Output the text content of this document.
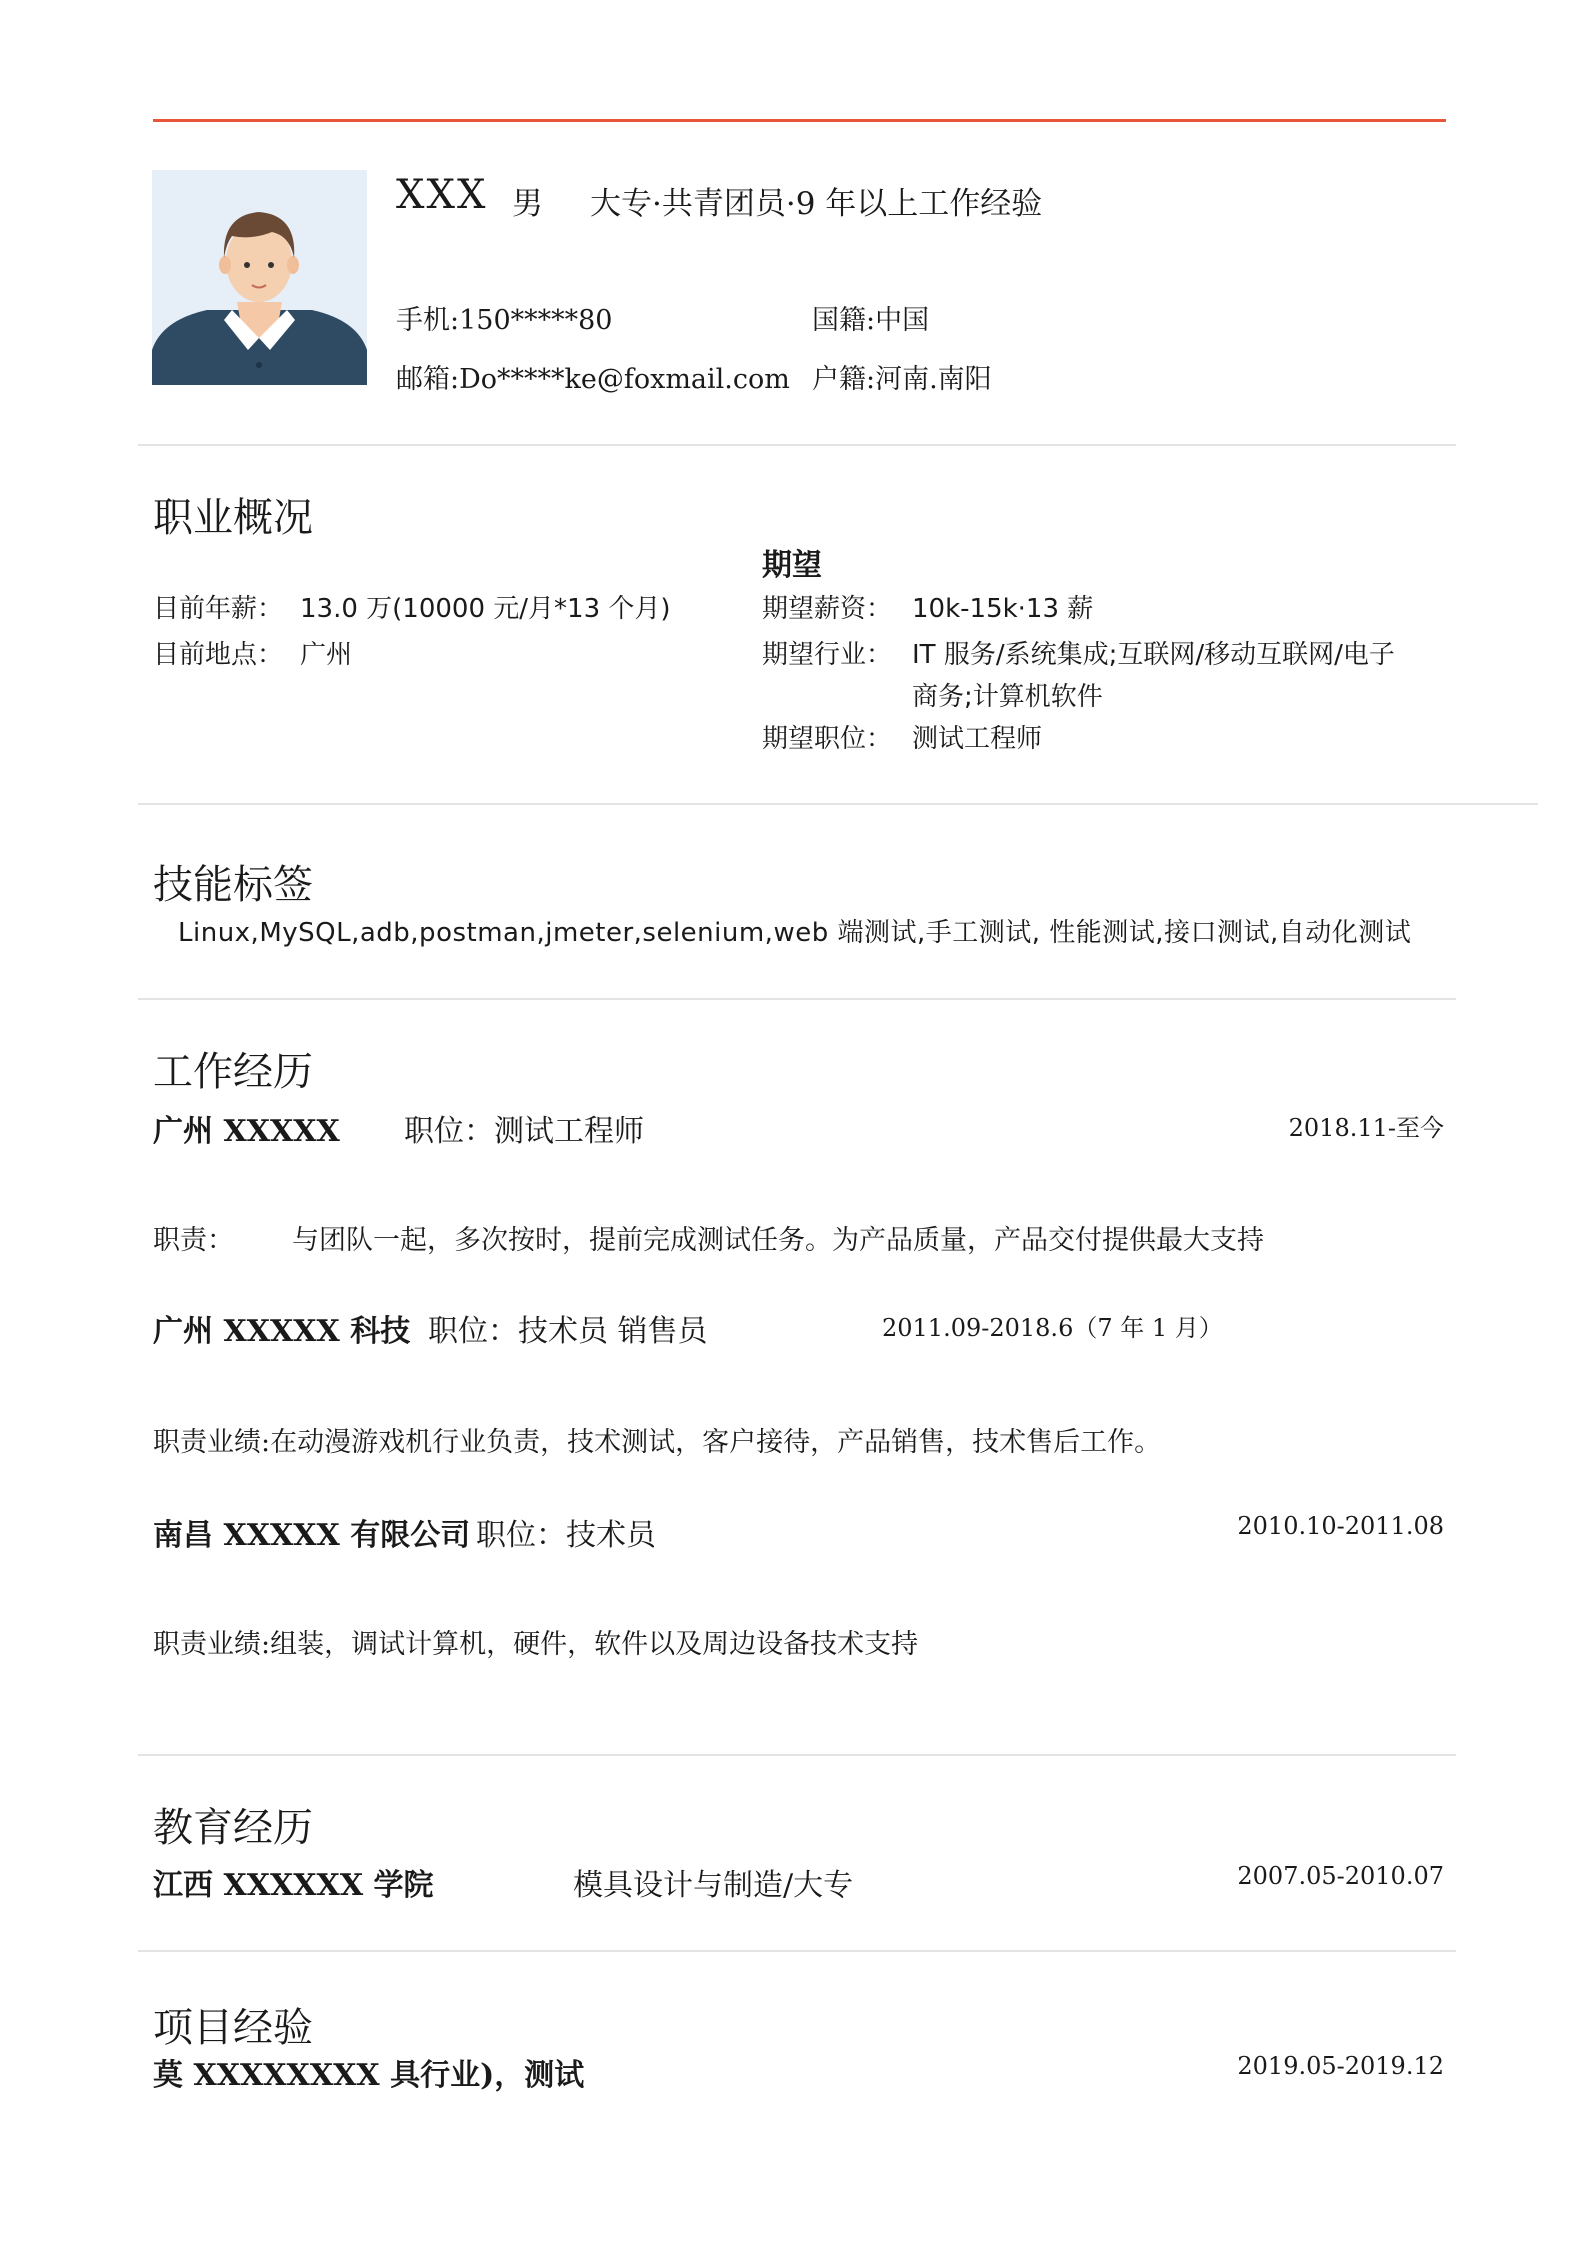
XXX 男 大专·共青团员·9 年以上工作经验
手机:150*****80	国籍:中国
邮箱:Do*****ke@foxmail.com 户籍:河南.南阳
职业概况
期望
目前年薪： 13.0 万(10000 元/月*13 个月)
目前地点： 广州
期望薪资： 10k-15k·13 薪
期望行业： IT 服务/系统集成;互联网/移动互联网/电子
商务;计算机软件
期望职位： 测试工程师
技能标签
Linux,MySQL,adb,postman,jmeter,selenium,web 端测试,手工测试, 性能测试,接口测试,自动化测试
工作经历
广州 XXXXX 职位：测试工程师	2018.11-至今
职责： 与团队一起，多次按时，提前完成测试任务。为产品质量，产品交付提供最大支持
广州 XXXXX 科技 职位：技术员 销售员	2011.09-2018.6（7 年 1 月）
职责业绩:在动漫游戏机行业负责，技术测试，客户接待，产品销售，技术售后工作。
南昌 XXXXX 有限公司 职位：技术员	2010.10-2011.08
职责业绩:组装，调试计算机，硬件，软件以及周边设备技术支持
教育经历
江西 XXXXXX 学院	模具设计与制造/大专	2007.05-2010.07
项目经验
莫 XXXXXXXX 具行业)，测试	2019.05-2019.12
